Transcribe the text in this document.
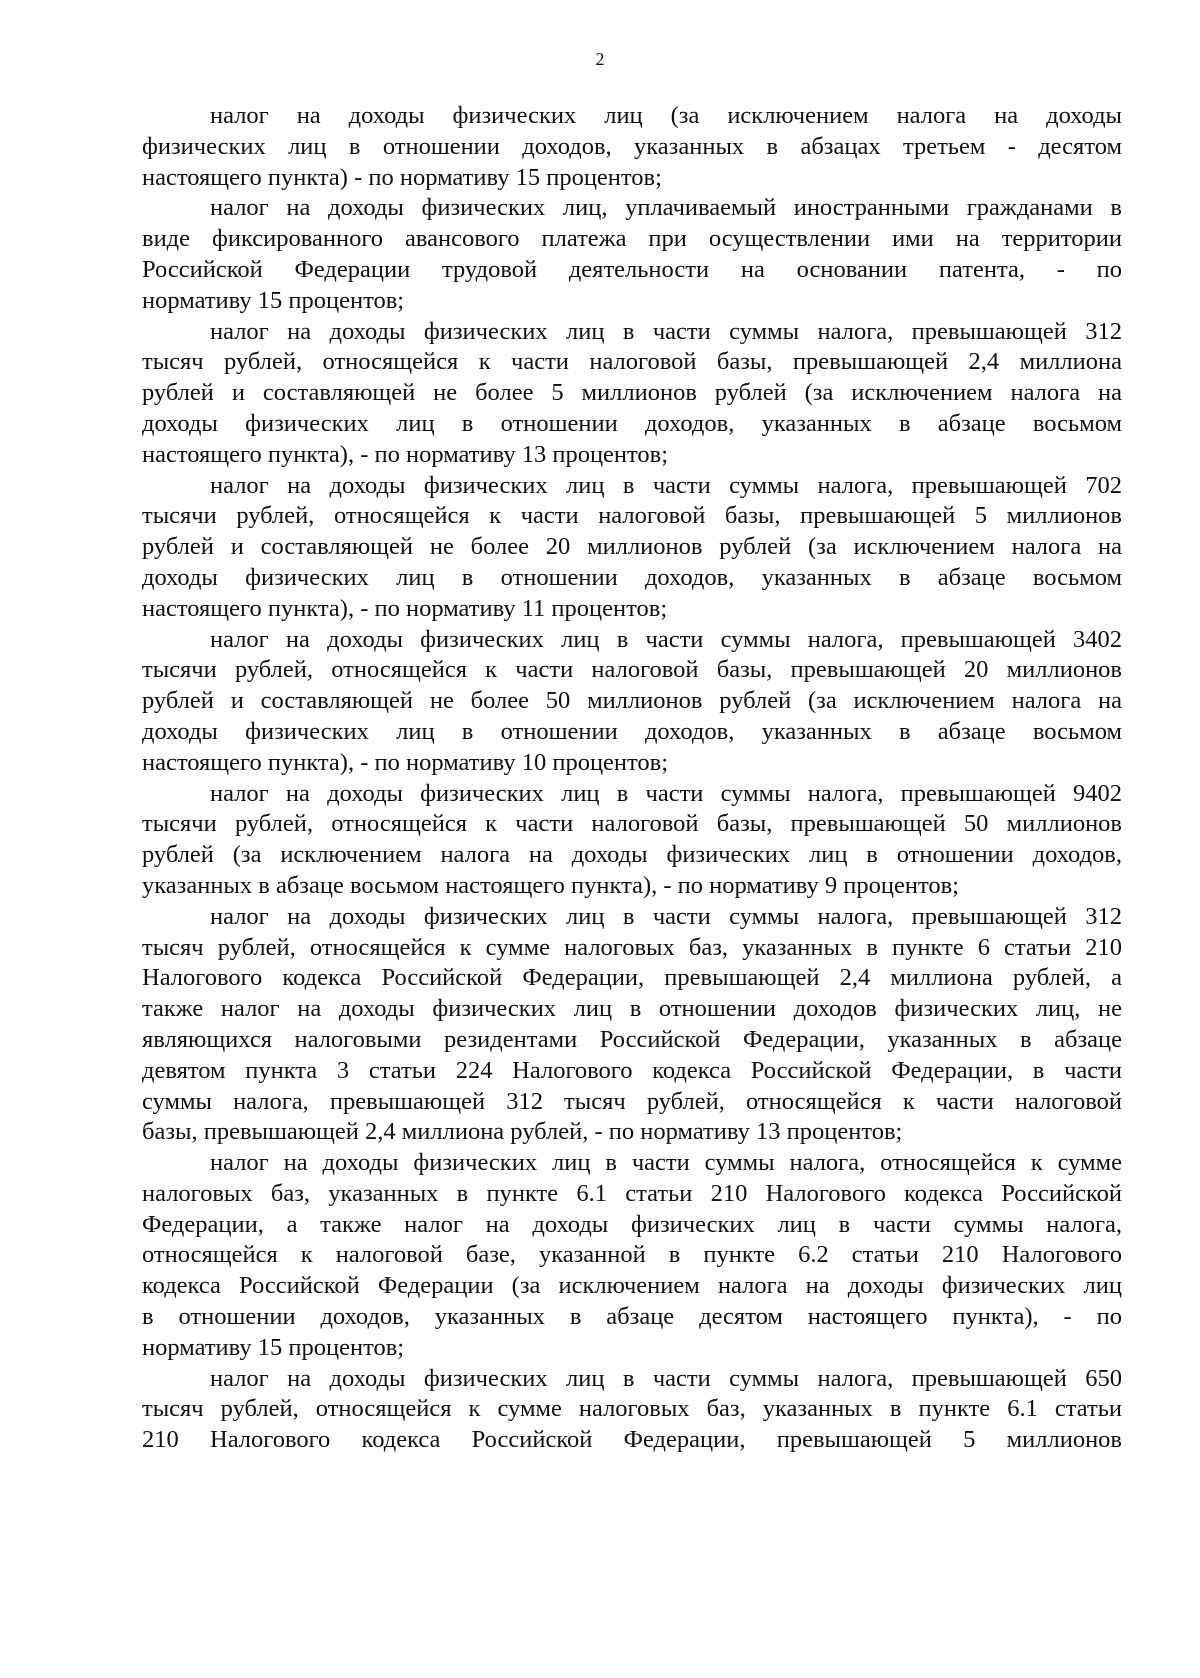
2
налог на доходы физических лиц (за исключением налога на доходы
физических лиц в отношении доходов, указанных в абзацах третьем - десятом
настоящего пункта) - по нормативу 15 процентов;
налог на доходы физических лиц, уплачиваемый иностранными гражданами в
виде фиксированного авансового платежа при осуществлении ими на территории
Российской Федерации трудовой деятельности на основании патента, - по
нормативу 15 процентов;
налог на доходы физических лиц в части суммы налога, превышающей 312
тысяч рублей, относящейся к части налоговой базы, превышающей 2,4 миллиона
рублей и составляющей не более 5 миллионов рублей (за исключением налога на
доходы физических лиц в отношении доходов, указанных в абзаце восьмом
настоящего пункта), - по нормативу 13 процентов;
налог на доходы физических лиц в части суммы налога, превышающей 702
тысячи рублей, относящейся к части налоговой базы, превышающей 5 миллионов
рублей и составляющей не более 20 миллионов рублей (за исключением налога на
доходы физических лиц в отношении доходов, указанных в абзаце восьмом
настоящего пункта), - по нормативу 11 процентов;
налог на доходы физических лиц в части суммы налога, превышающей 3402
тысячи рублей, относящейся к части налоговой базы, превышающей 20 миллионов
рублей и составляющей не более 50 миллионов рублей (за исключением налога на
доходы физических лиц в отношении доходов, указанных в абзаце восьмом
настоящего пункта), - по нормативу 10 процентов;
налог на доходы физических лиц в части суммы налога, превышающей 9402
тысячи рублей, относящейся к части налоговой базы, превышающей 50 миллионов
рублей (за исключением налога на доходы физических лиц в отношении доходов,
указанных в абзаце восьмом настоящего пункта), - по нормативу 9 процентов;
налог на доходы физических лиц в части суммы налога, превышающей 312
тысяч рублей, относящейся к сумме налоговых баз, указанных в пункте 6 статьи 210
Налогового кодекса Российской Федерации, превышающей 2,4 миллиона рублей, а
также налог на доходы физических лиц в отношении доходов физических лиц, не
являющихся налоговыми резидентами Российской Федерации, указанных в абзаце
девятом пункта 3 статьи 224 Налогового кодекса Российской Федерации, в части
суммы налога, превышающей 312 тысяч рублей, относящейся к части налоговой
базы, превышающей 2,4 миллиона рублей, - по нормативу 13 процентов;
налог на доходы физических лиц в части суммы налога, относящейся к сумме
налоговых баз, указанных в пункте 6.1 статьи 210 Налогового кодекса Российской
Федерации, а также налог на доходы физических лиц в части суммы налога,
относящейся к налоговой базе, указанной в пункте 6.2 статьи 210 Налогового
кодекса Российской Федерации (за исключением налога на доходы физических лиц
в отношении доходов, указанных в абзаце десятом настоящего пункта), - по
нормативу 15 процентов;
налог на доходы физических лиц в части суммы налога, превышающей 650
тысяч рублей, относящейся к сумме налоговых баз, указанных в пункте 6.1 статьи
210 Налогового кодекса Российской Федерации, превышающей 5 миллионов
